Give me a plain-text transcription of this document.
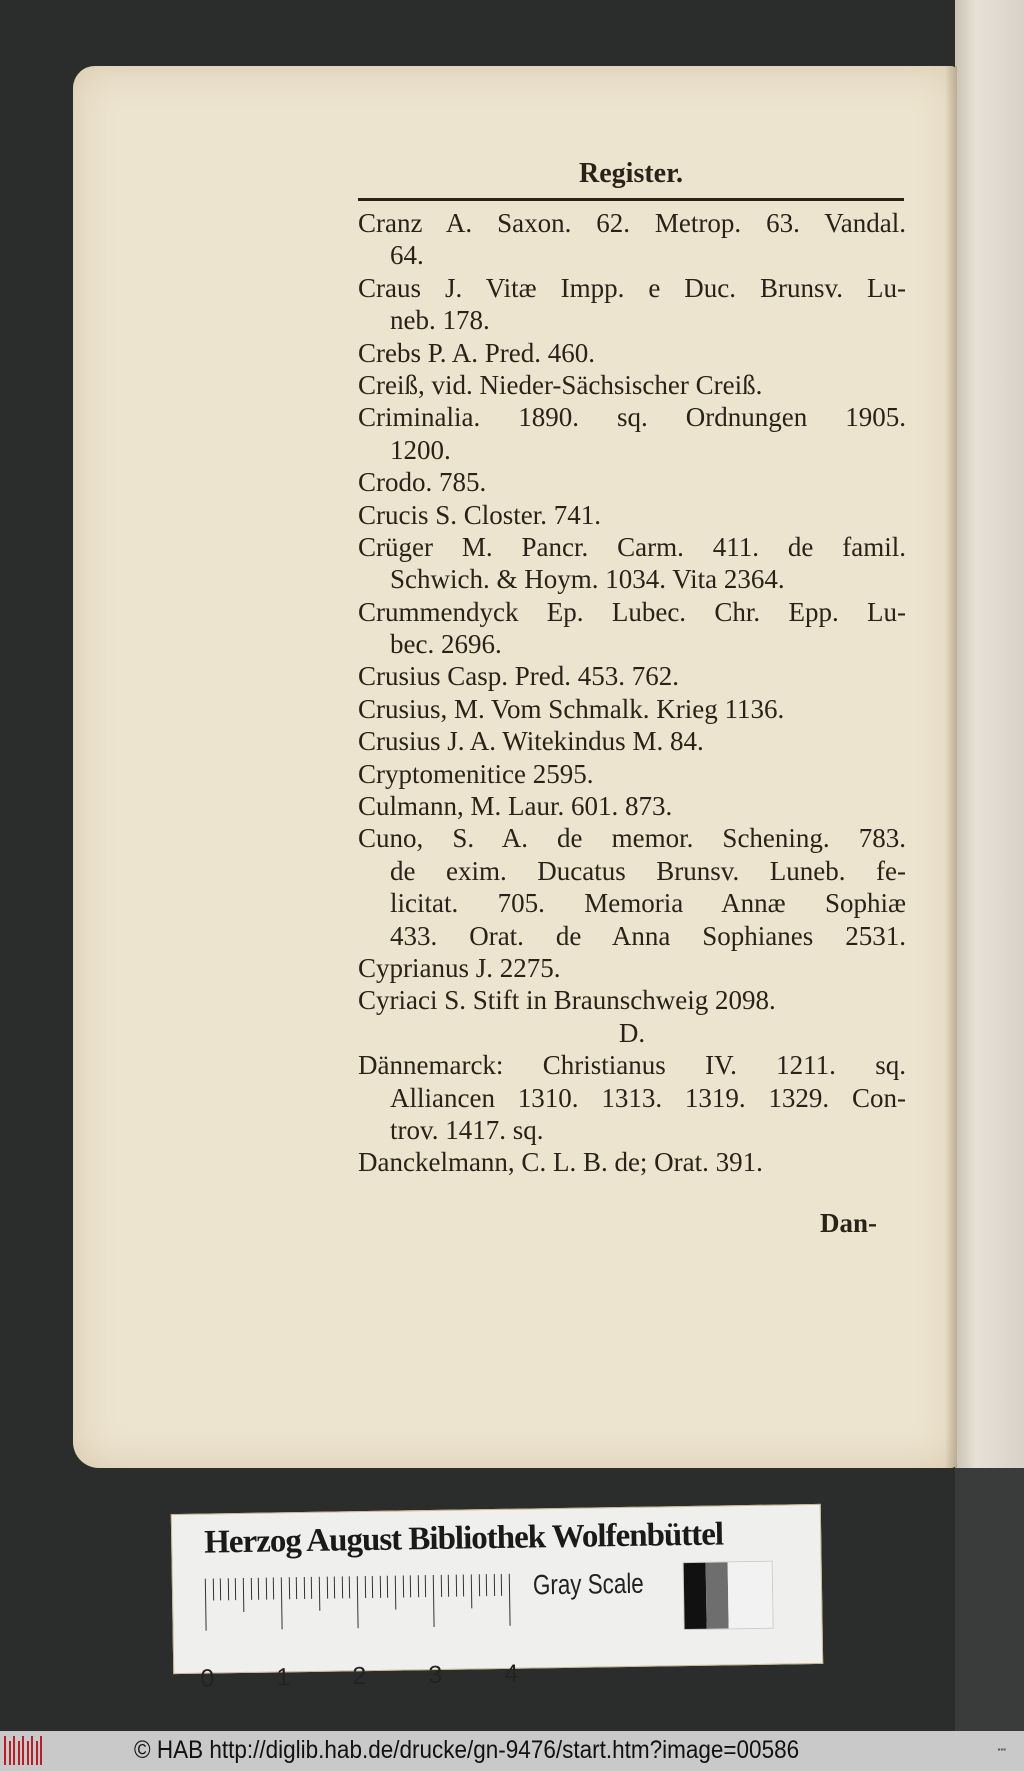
Register.
Cranz A. Saxon. 62. Metrop. 63. Vandal.
64.
Craus J. Vitæ Impp. e Duc. Brunsv. Lu-
neb. 178.
Crebs P. A. Pred. 460.
Creiß, vid. Nieder-Sächsischer Creiß.
Criminalia. 1890. sq. Ordnungen 1905.
1200.
Crodo. 785.
Crucis S. Closter. 741.
Crüger M. Pancr. Carm. 411. de famil.
Schwich. & Hoym. 1034. Vita 2364.
Crummendyck Ep. Lubec. Chr. Epp. Lu-
bec. 2696.
Crusius Casp. Pred. 453. 762.
Crusius, M. Vom Schmalk. Krieg 1136.
Crusius J. A. Witekindus M. 84.
Cryptomenitice 2595.
Culmann, M. Laur. 601. 873.
Cuno, S. A. de memor. Schening. 783.
de exim. Ducatus Brunsv. Luneb. fe-
licitat. 705. Memoria Annæ Sophiæ
433. Orat. de Anna Sophianes 2531.
Cyprianus J. 2275.
Cyriaci S. Stift in Braunschweig 2098.
D.
Dännemarck: Christianus IV. 1211. sq.
Alliancen 1310. 1313. 1319. 1329. Con-
trov. 1417. sq.
Danckelmann, C. L. B. de; Orat. 391.
Dan-
Herzog August Bibliothek Wolfenbüttel
0 1 2 3 4
Gray Scale
© HAB http://diglib.hab.de/drucke/gn-9476/start.htm?image=00586	▪▪▪
